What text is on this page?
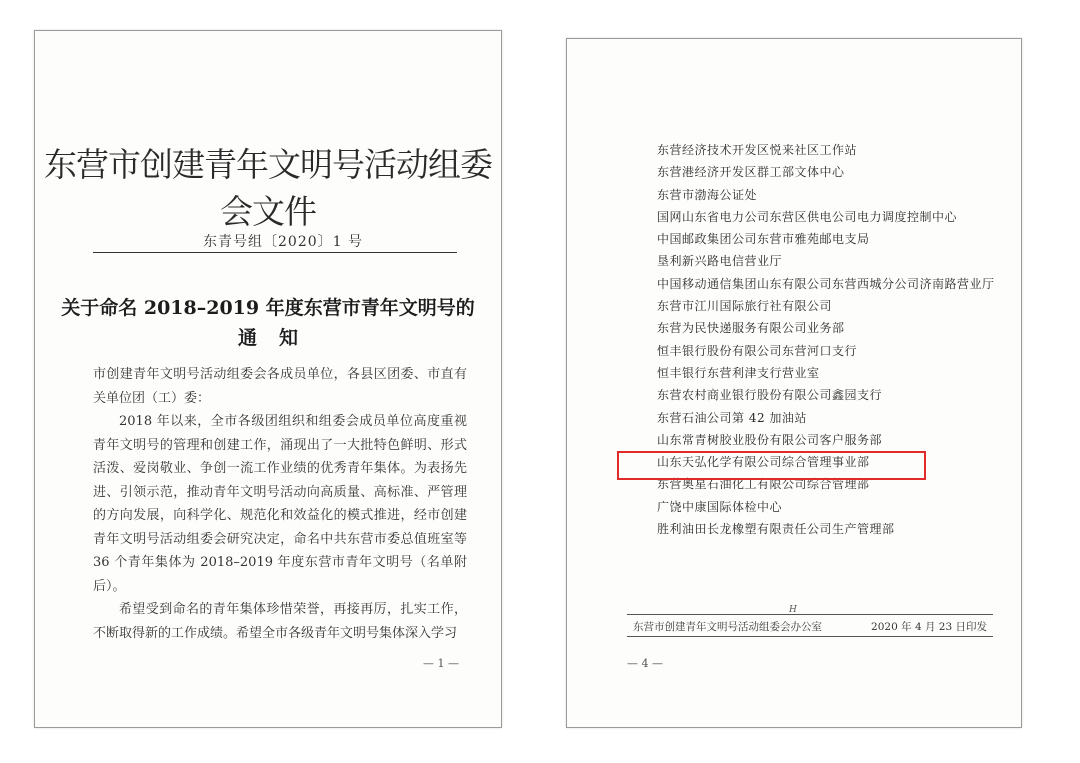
东营市创建青年文明号活动组委会文件
东青号组〔2020〕1 号
关于命名 2018–2019 年度东营市青年文明号的
通知

市创建青年文明号活动组委会各成员单位，各县区团委、市直有关单位团（工）委：

2018 年以来，全市各级团组织和组委会成员单位高度重视青年文明号的管理和创建工作，涌现出了一大批特色鲜明、形式活泼、爱岗敬业、争创一流工作业绩的优秀青年集体。为表扬先进、引领示范，推动青年文明号活动向高质量、高标准、严管理的方向发展，向科学化、规范化和效益化的模式推进，经市创建青年文明号活动组委会研究决定，命名中共东营市委总值班室等 36 个青年集体为 2018–2019 年度东营市青年文明号（名单附后）。

希望受到命名的青年集体珍惜荣誉，再接再厉，扎实工作，不断取得新的工作成绩。希望全市各级青年文明号集体深入学习

— 1 —
东营经济技术开发区悦来社区工作站
东营港经济开发区群工部文体中心
东营市渤海公证处
国网山东省电力公司东营区供电公司电力调度控制中心
中国邮政集团公司东营市雅苑邮电支局
垦利新兴路电信营业厅
中国移动通信集团山东有限公司东营西城分公司济南路营业厅
东营市江川国际旅行社有限公司
东营为民快递服务有限公司业务部
恒丰银行股份有限公司东营河口支行
恒丰银行东营利津支行营业室
东营农村商业银行股份有限公司鑫园支行
东营石油公司第 42 加油站
山东常青树胶业股份有限公司客户服务部
山东天弘化学有限公司综合管理事业部
东营奥星石油化工有限公司综合管理部
广饶中康国际体检中心
胜利油田长龙橡塑有限责任公司生产管理部
H
东营市创建青年文明号活动组委会办公室	2020 年 4 月 23 日印发
— 4 —
